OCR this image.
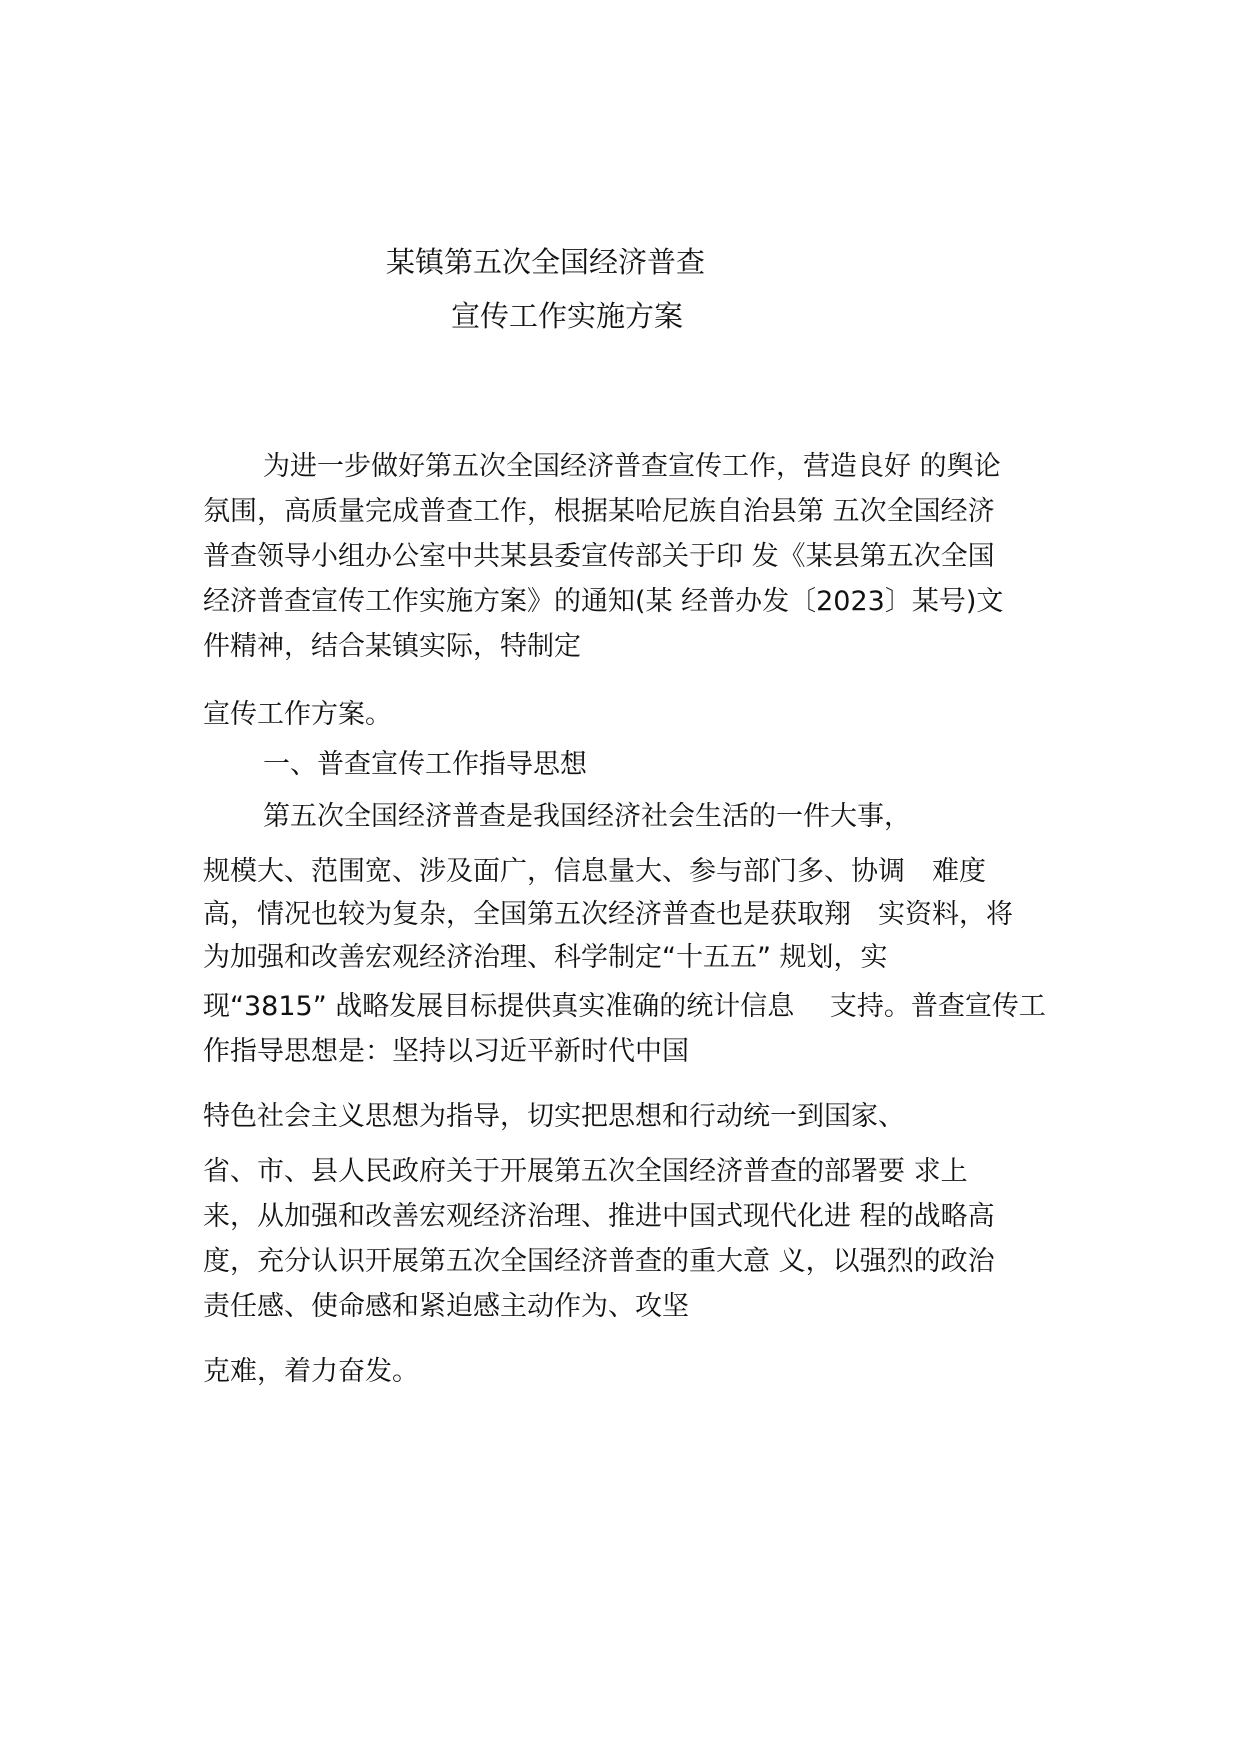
某镇第五次全国经济普查
宣传工作实施方案

为进一步做好第五次全国经济普查宣传工作，营造良好 的舆论

氛围，高质量完成普查工作，根据某哈尼族自治县第 五次全国经济

普查领导小组办公室中共某县委宣传部关于印 发《某县第五次全国

经济普查宣传工作实施方案》的通知(某 经普办发〔2023〕某号)文

件精神，结合某镇实际，特制定

宣传工作方案。

一、普查宣传工作指导思想

第五次全国经济普查是我国经济社会生活的一件大事，

规模大、范围宽、涉及面广，信息量大、参与部门多、协调　难度

高，情况也较为复杂，全国第五次经济普查也是获取翔　实资料，将

为加强和改善宏观经济治理、科学制定“十五五” 规划，实

现“3815” 战略发展目标提供真实准确的统计信息　 支持。普查宣传工

作指导思想是：坚持以习近平新时代中国

特色社会主义思想为指导，切实把思想和行动统一到国家、

省、市、县人民政府关于开展第五次全国经济普查的部署要 求上

来，从加强和改善宏观经济治理、推进中国式现代化进 程的战略高

度，充分认识开展第五次全国经济普查的重大意 义，以强烈的政治

责任感、使命感和紧迫感主动作为、攻坚

克难，着力奋发。
